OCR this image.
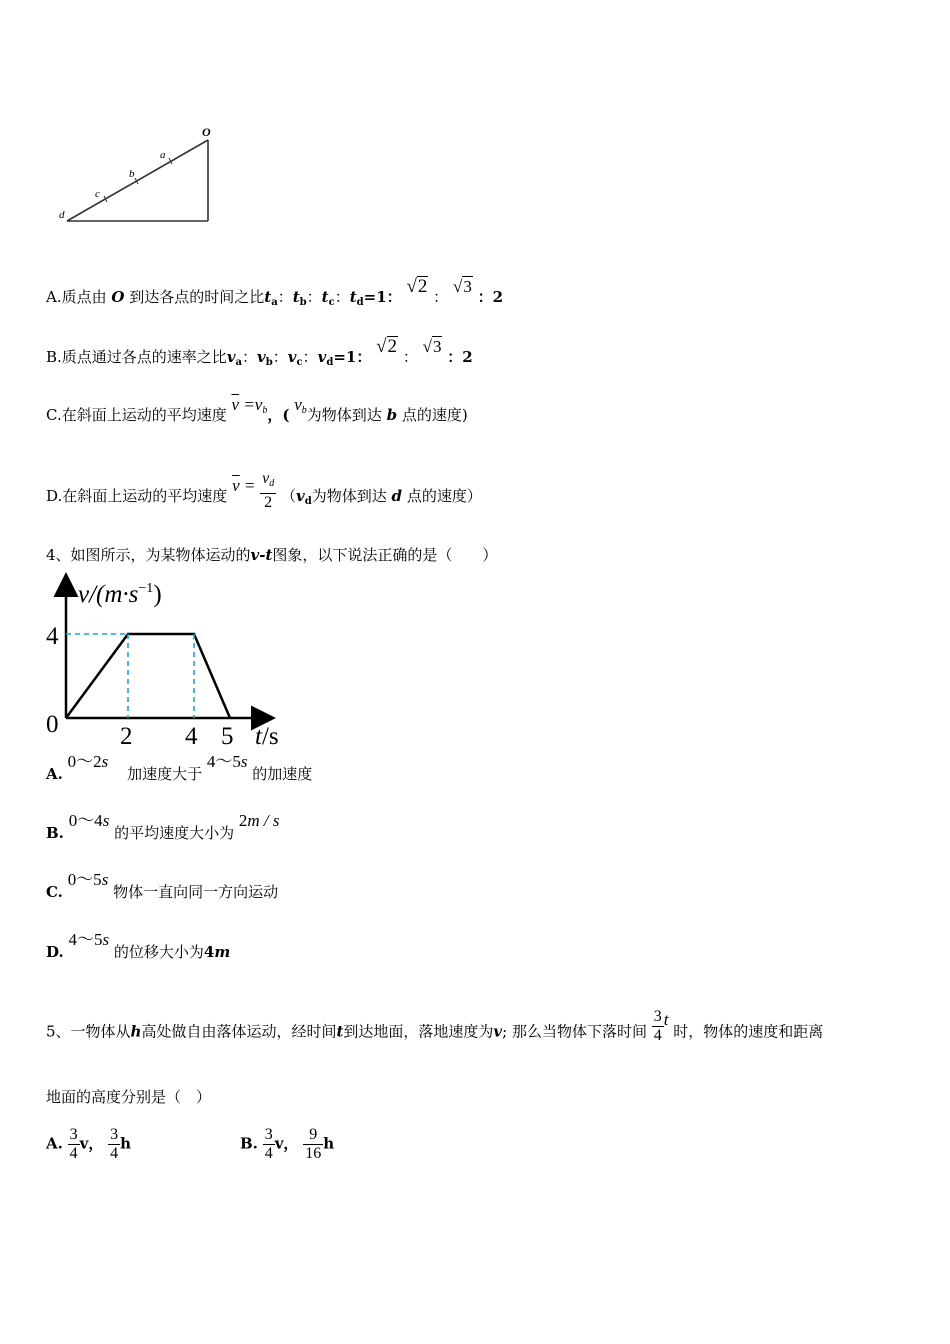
O
a
b
c
d
A.质点由 O 到达各点的时间之比$t_a$：$t_b$：$t_c$：$t_d=1$： √2 ： √3 ：2
B.质点通过各点的速率之比$v_a$：$v_b$：$v_c$：$v_d=1$： √2 ： √3 ：2
C.在斜面上运动的平均速度 $\overline{v} =v_b$，( $v_b$为物体到达 b 点的速度)
D.在斜面上运动的平均速度 $\overline{v} = \frac{v_d}{2} (v_d$为物体到达 d 点的速度）
4、如图所示，为某物体运动的v-t图象，以下说法正确的是（　　）
$v/(m\cdot s^{-1})$
4
0 2 4 5 t/s
A. 0～2s 加速度大于 4～5s 的加速度
B. 0～4s 的平均速度大小为 2m / s
C. 0～5s 物体一直向同一方向运动
D. 4～5s 的位移大小为4m
5、一物体从h高处做自由落体运动，经时间t到达地面，落地速度为v; 那么当物体下落时间 $\frac{3}{4}$ t 时，物体的速度和距离
地面的高度分别是（　）
A. $\frac{3}{4}$ v， $\frac{3}{4}$ h	B. $\frac{3}{4}$ v， $\frac{9}{16}$ h
